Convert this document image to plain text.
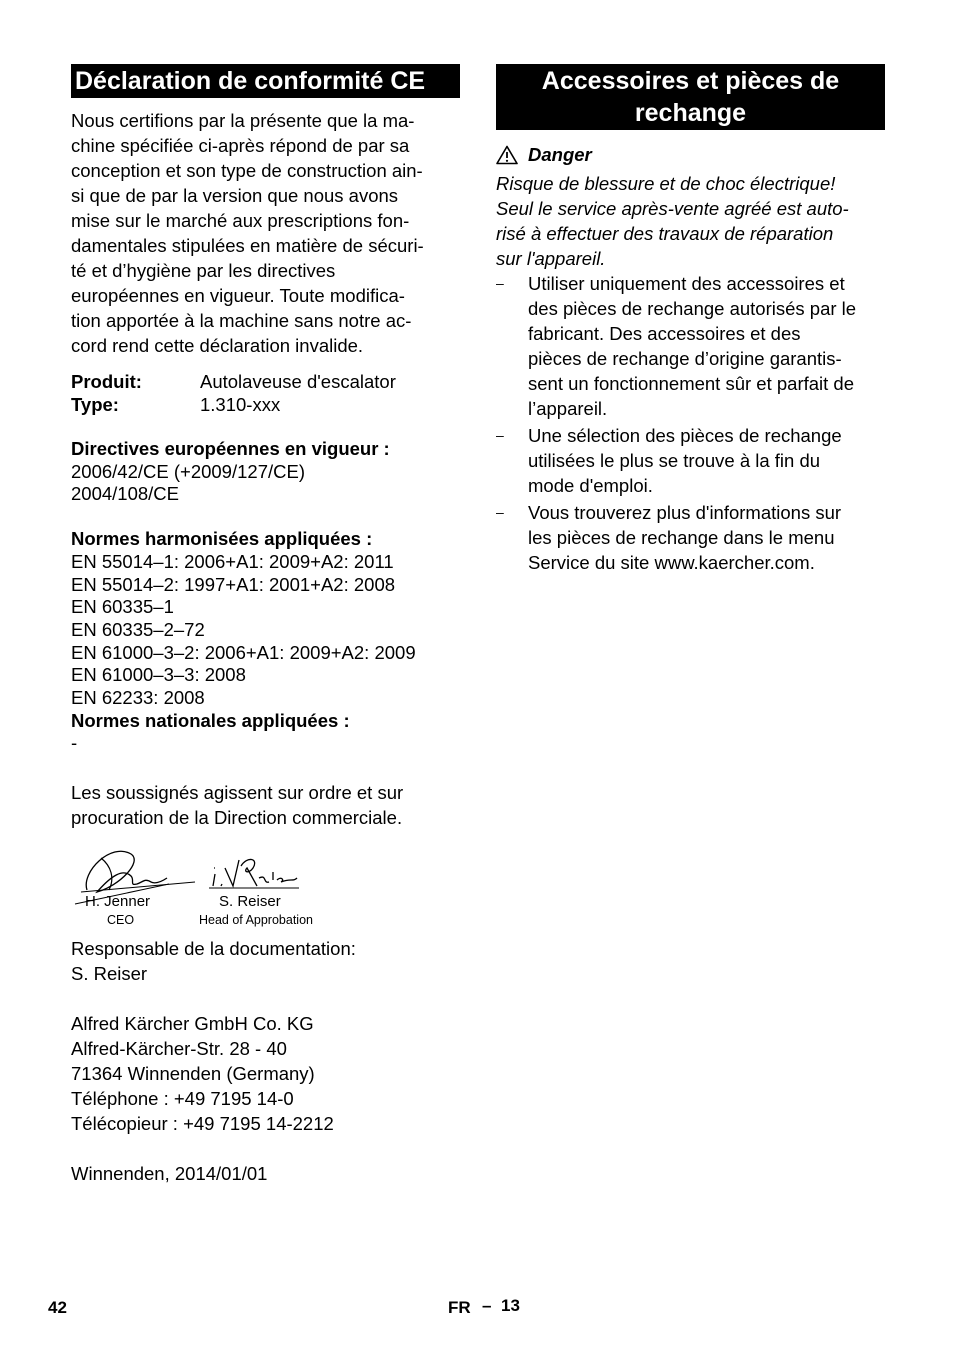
Déclaration de conformité CE
Nous certifions par la présente que la ma-
chine spécifiée ci-après répond de par sa
conception et son type de construction ain-
si que de par la version que nous avons
mise sur le marché aux prescriptions fon-
damentales stipulées en matière de sécuri-
té et d’hygiène par les directives
européennes en vigueur. Toute modifica-
tion apportée à la machine sans notre ac-
cord rend cette déclaration invalide.
Produit:	Autolaveuse d'escalator
Type:	1.310-xxx
Directives européennes en vigueur :
2006/42/CE (+2009/127/CE)
2004/108/CE
Normes harmonisées appliquées :
EN 55014–1: 2006+A1: 2009+A2: 2011
EN 55014–2: 1997+A1: 2001+A2: 2008
EN 60335–1
EN 60335–2–72
EN 61000–3–2: 2006+A1: 2009+A2: 2009
EN 61000–3–3: 2008
EN 62233: 2008
Normes nationales appliquées :
-
Les soussignés agissent sur ordre et sur
procuration de la Direction commerciale.
H. Jenner
CEO
S. Reiser
Head of Approbation
Responsable de la documentation:
S. Reiser
Alfred Kärcher GmbH Co. KG
Alfred-Kärcher-Str. 28 - 40
71364 Winnenden (Germany)
Téléphone : +49 7195 14-0
Télécopieur : +49 7195 14-2212
Winnenden, 2014/01/01
Accessoires et pièces de rechange
Danger
Risque de blessure et de choc électrique!
Seul le service après-vente agréé est auto-
risé à effectuer des travaux de réparation
sur l'appareil.
–	Utiliser uniquement des accessoires et
des pièces de rechange autorisés par le
fabricant. Des accessoires et des
pièces de rechange d’origine garantis-
sent un fonctionnement sûr et parfait de
l’appareil.
–	Une sélection des pièces de rechange
utilisées le plus se trouve à la fin du
mode d'emploi.
–	Vous trouverez plus d'informations sur
les pièces de rechange dans le menu
Service du site www.kaercher.com.
42	FR – 13
